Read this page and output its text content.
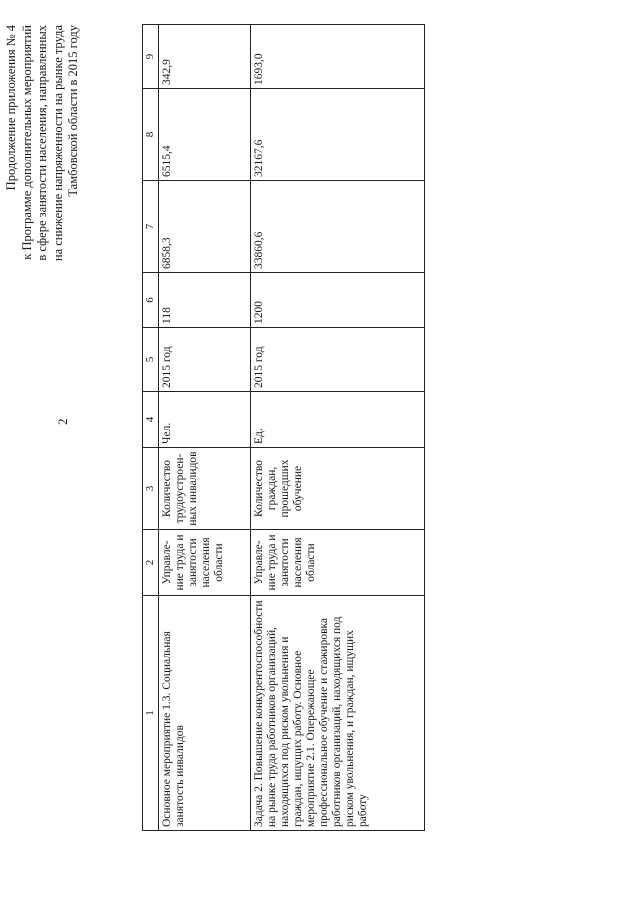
2
Продолжение приложения № 4 к Программе дополнительных мероприятий в сфере занятости населения, направленных на снижение напряженности на рынке труда Тамбовской области в 2015 году
1	2	3	4	5	6	7	8	9
Основное мероприятие 1.3. Социальная занятость инвалидов	Управле-ние труда и занятости населения области	Количество трудоустроен-ных инвалидов	Чел.	2015 год	118	6858,3	6515,4	342,9
Задача 2. Повышение конкурентоспособности на рынке труда работников организаций, находящихся под риском увольнения и граждан, ищущих работу. Основное мероприятие 2.1. Опережающее профессиональное обучение и стажировка работников организаций, находящихся под риском увольнения, и граждан, ищущих работу	Управле-ние труда и занятости населения области	Количество граждан, прошедших обучение	Ед.	2015 год	1200	33860,6	32167,6	1693,0
